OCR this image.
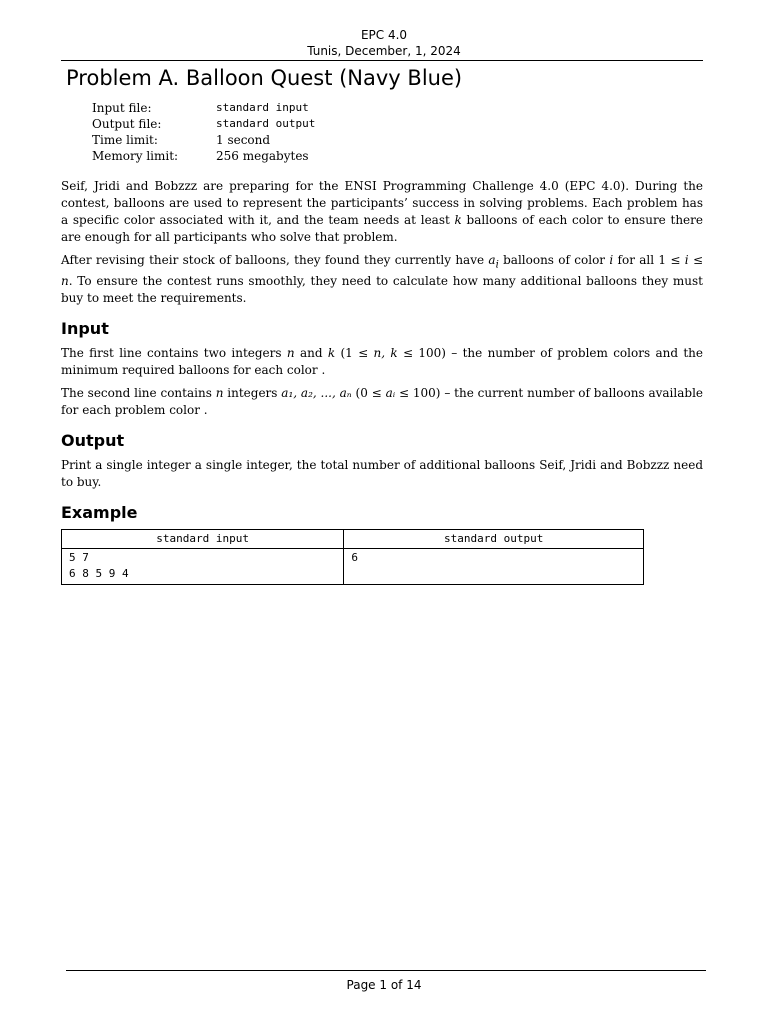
EPC 4.0
Tunis, December, 1, 2024
Problem A. Balloon Quest (Navy Blue)
Input file:	standard input
Output file:	standard output
Time limit:	1 second
Memory limit:	256 megabytes

Seif, Jridi and Bobzzz are preparing for the ENSI Programming Challenge 4.0 (EPC 4.0). During the contest, balloons are used to represent the participants’ success in solving problems. Each problem has a specific color associated with it, and the team needs at least k balloons of each color to ensure there are enough for all participants who solve that problem.

After revising their stock of balloons, they found they currently have $a_i$ balloons of color i for all 1 ≤ i ≤ n. To ensure the contest runs smoothly, they need to calculate how many additional balloons they must buy to meet the requirements.

Input

The first line contains two integers n and k (1 ≤ n, k ≤ 100) – the number of problem colors and the minimum required balloons for each color .

The second line contains n integers a₁, a₂, ..., aₙ (0 ≤ aᵢ ≤ 100) – the current number of balloons available for each problem color .

Output

Print a single integer a single integer, the total number of additional balloons Seif, Jridi and Bobzzz need to buy.

Example
standard input	standard output
5 7
6 8 5 9 4	6
Page 1 of 14
